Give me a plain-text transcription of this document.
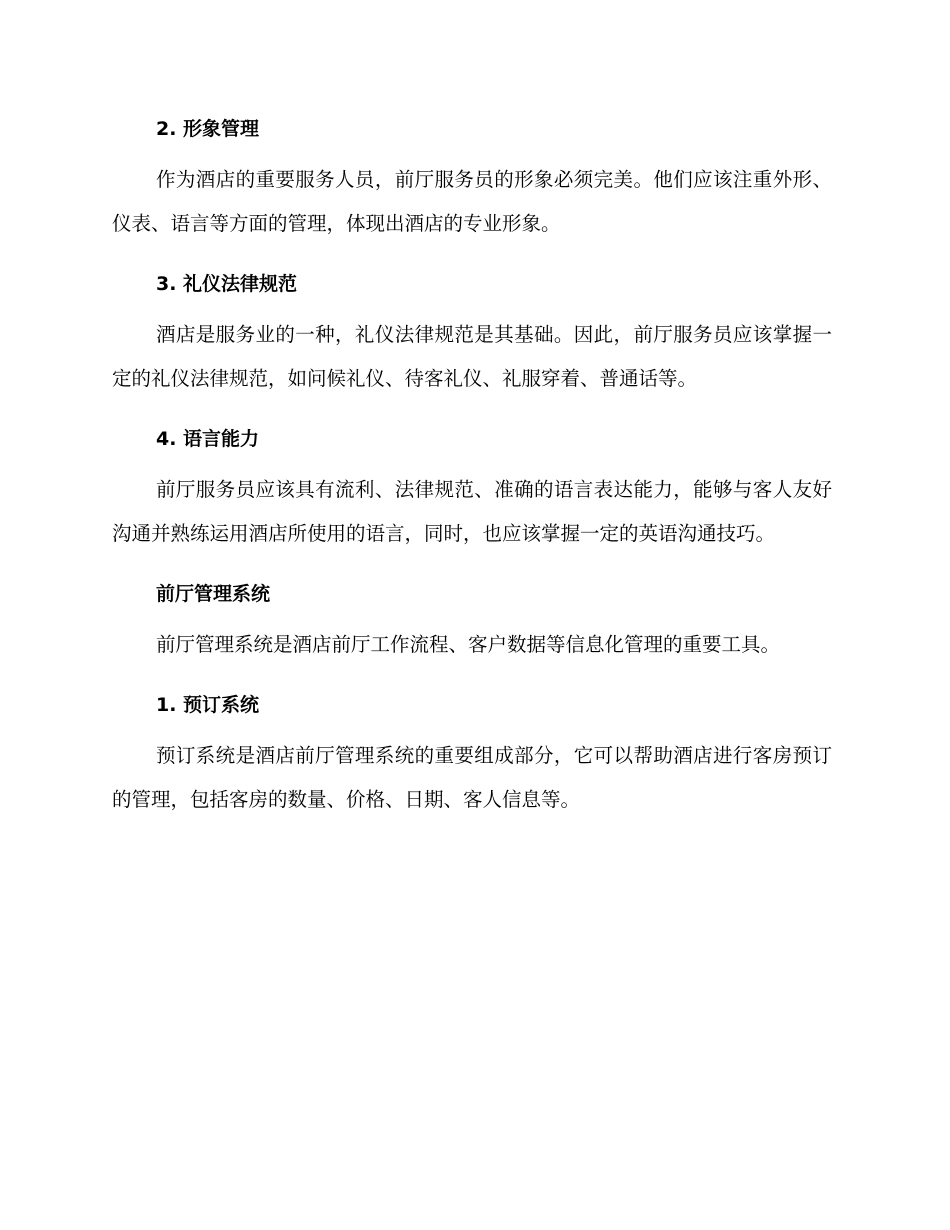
2. 形象管理

作为酒店的重要服务人员，前厅服务员的形象必须完美。他们应该注重外形、仪表、语言等方面的管理，体现出酒店的专业形象。

3. 礼仪法律规范

酒店是服务业的一种，礼仪法律规范是其基础。因此，前厅服务员应该掌握一定的礼仪法律规范，如问候礼仪、待客礼仪、礼服穿着、普通话等。

4. 语言能力

前厅服务员应该具有流利、法律规范、准确的语言表达能力，能够与客人友好沟通并熟练运用酒店所使用的语言，同时，也应该掌握一定的英语沟通技巧。

前厅管理系统

前厅管理系统是酒店前厅工作流程、客户数据等信息化管理的重要工具。

1. 预订系统

预订系统是酒店前厅管理系统的重要组成部分，它可以帮助酒店进行客房预订的管理，包括客房的数量、价格、日期、客人信息等。
